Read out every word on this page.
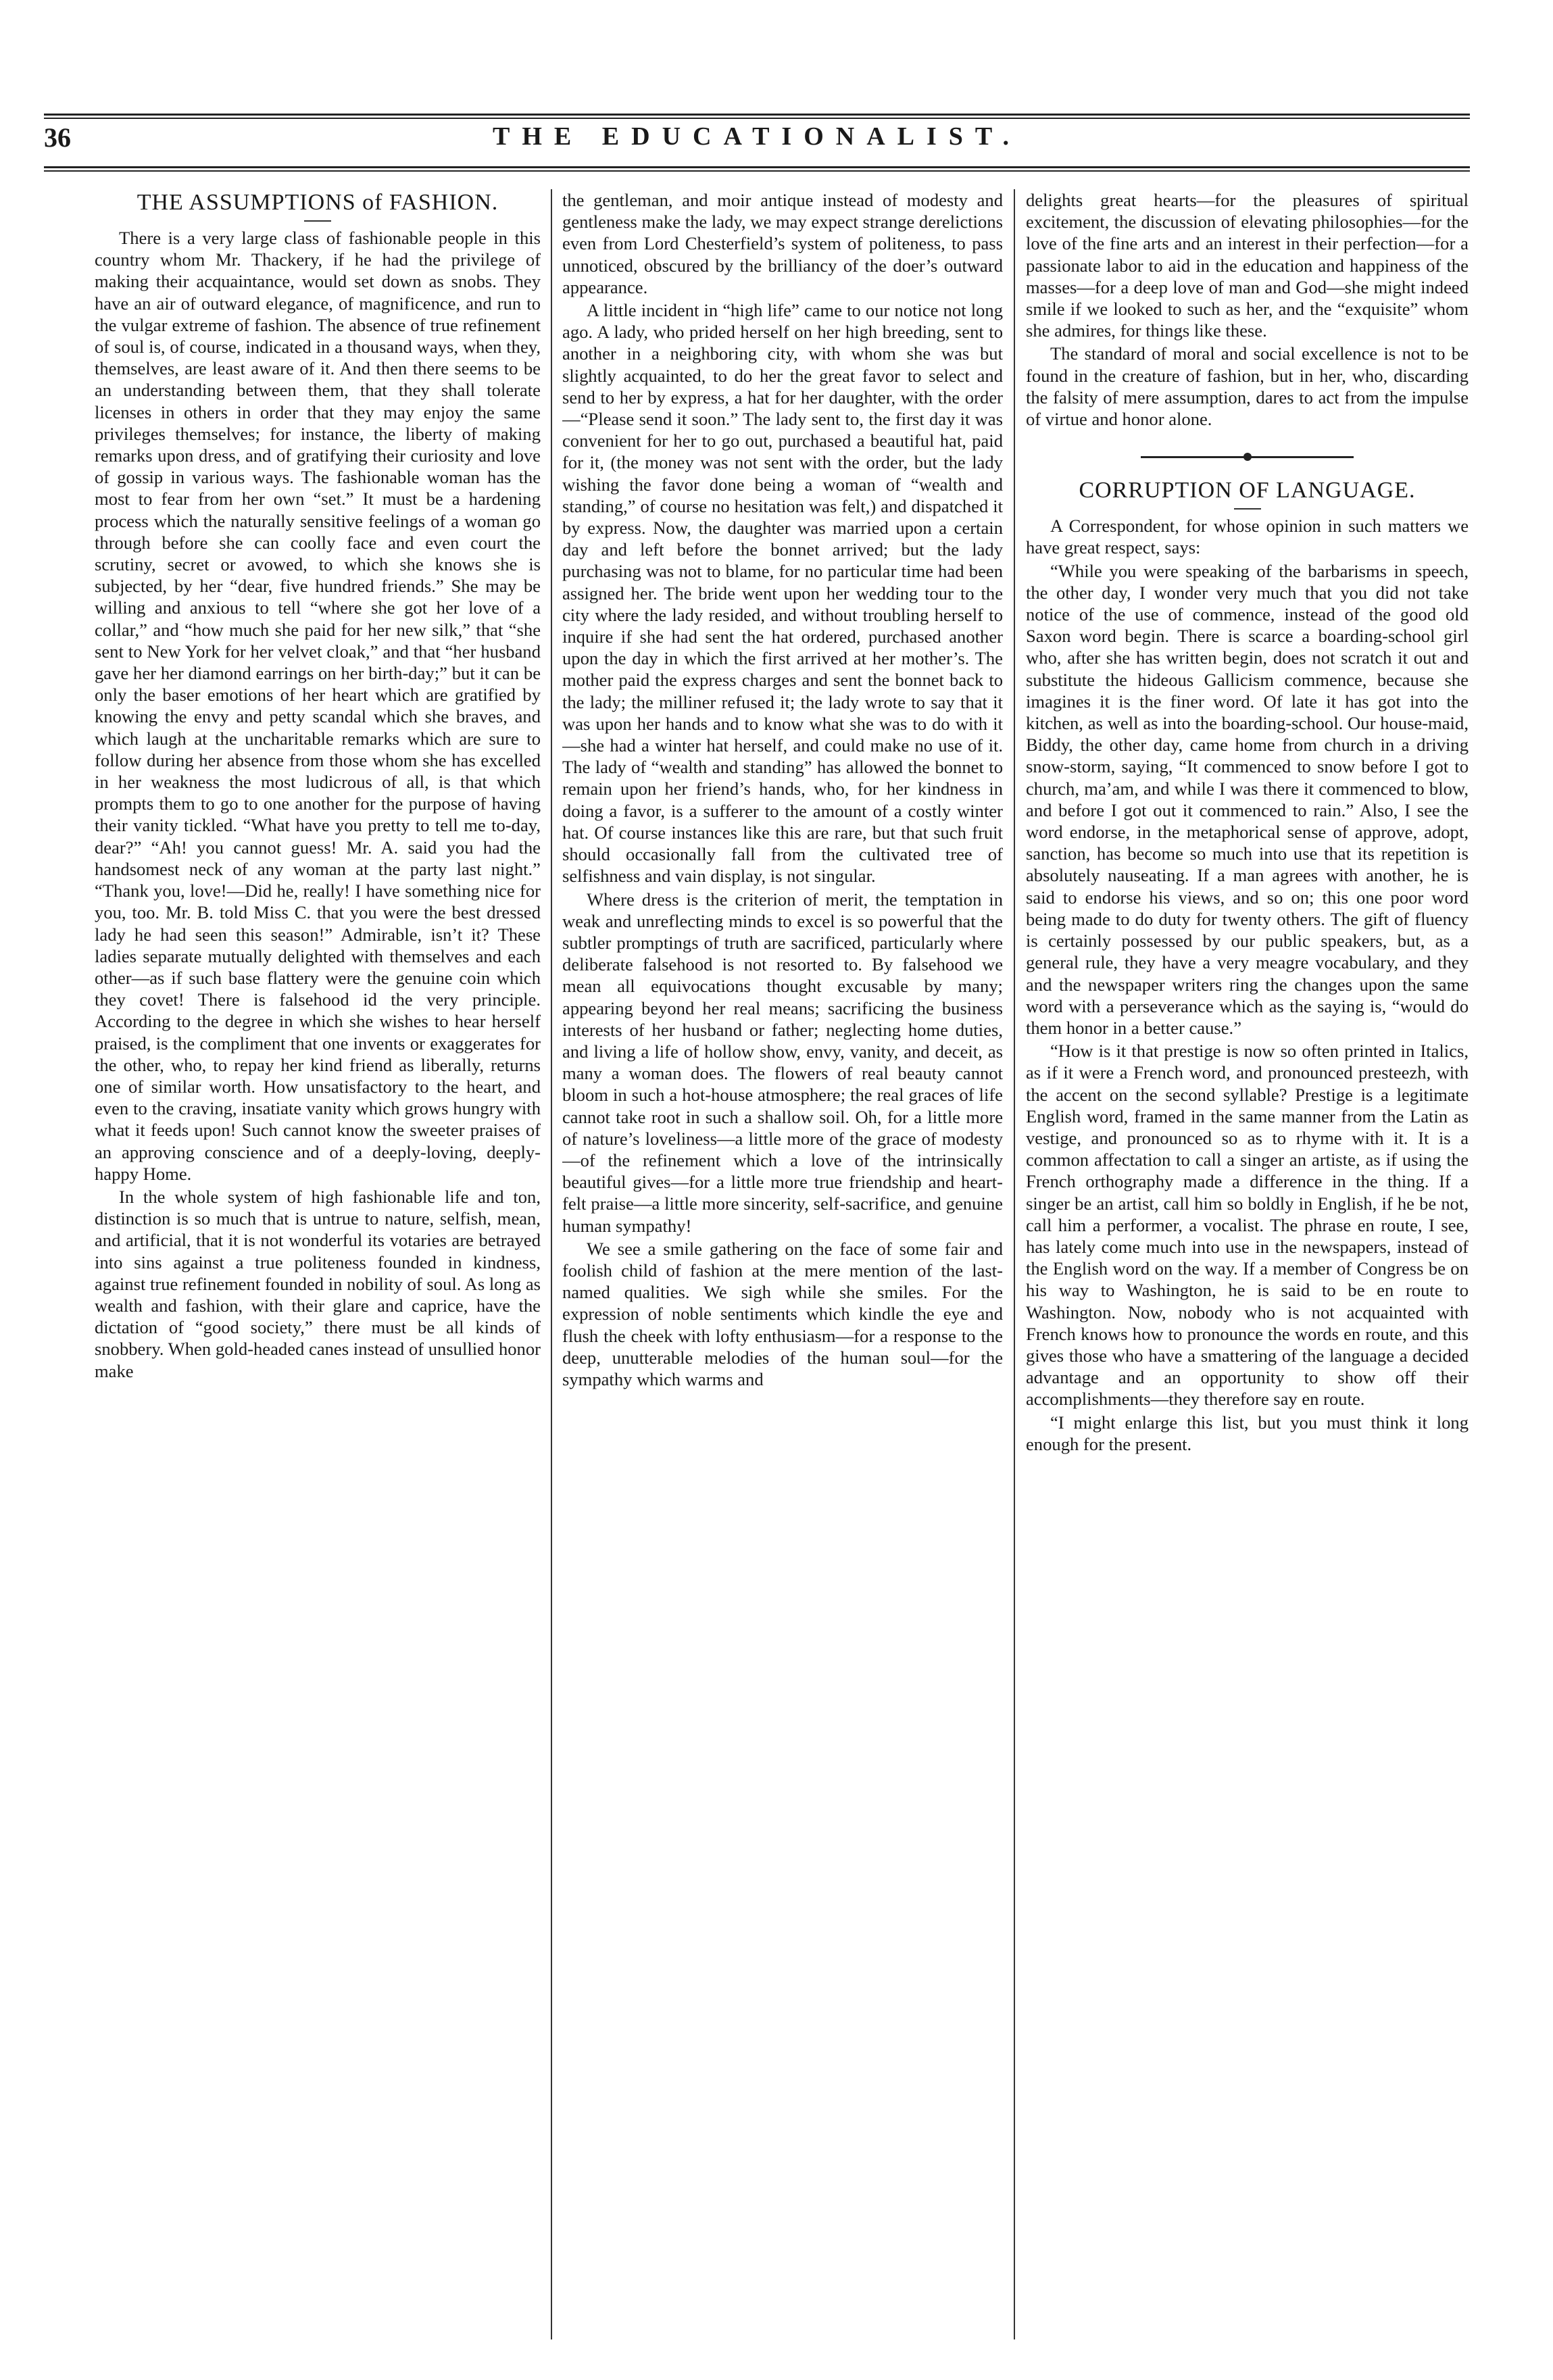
36	THE EDUCATIONALIST.
THE ASSUMPTIONS of FASHION.

There is a very large class of fashionable people in this country whom Mr. Thackery, if he had the privilege of making their acquaintance, would set down as snobs. They have an air of outward elegance, of magnificence, and run to the vulgar extreme of fashion. The absence of true refinement of soul is, of course, indicated in a thousand ways, when they, themselves, are least aware of it. And then there seems to be an understanding between them, that they shall tolerate licenses in others in order that they may enjoy the same privileges themselves; for instance, the liberty of making remarks upon dress, and of gratifying their curiosity and love of gossip in various ways. The fashionable woman has the most to fear from her own “set.” It must be a hardening process which the naturally sensitive feelings of a woman go through before she can coolly face and even court the scrutiny, secret or avowed, to which she knows she is subjected, by her “dear, five hundred friends.” She may be willing and anxious to tell “where she got her love of a collar,” and “how much she paid for her new silk,” that “she sent to New York for her velvet cloak,” and that “her husband gave her her diamond earrings on her birth-day;” but it can be only the baser emotions of her heart which are gratified by knowing the envy and petty scandal which she braves, and which laugh at the uncharitable remarks which are sure to follow during her absence from those whom she has excelled in her weakness the most ludicrous of all, is that which prompts them to go to one another for the purpose of having their vanity tickled. “What have you pretty to tell me to-day, dear?” “Ah! you cannot guess! Mr. A. said you had the handsomest neck of any woman at the party last night.” “Thank you, love!—Did he, really! I have something nice for you, too. Mr. B. told Miss C. that you were the best dressed lady he had seen this season!” Admirable, isn’t it? These ladies separate mutually delighted with themselves and each other—as if such base flattery were the genuine coin which they covet! There is falsehood id the very principle. According to the degree in which she wishes to hear herself praised, is the compliment that one invents or exaggerates for the other, who, to repay her kind friend as liberally, returns one of similar worth. How unsatisfactory to the heart, and even to the craving, insatiate vanity which grows hungry with what it feeds upon! Such cannot know the sweeter praises of an approving conscience and of a deeply-loving, deeply-happy Home.

In the whole system of high fashionable life and ton, distinction is so much that is untrue to nature, selfish, mean, and artificial, that it is not wonderful its votaries are betrayed into sins against a true politeness founded in kindness, against true refinement founded in nobility of soul. As long as wealth and fashion, with their glare and caprice, have the dictation of “good society,” there must be all kinds of snobbery. When gold-headed canes instead of unsullied honor make

the gentleman, and moir antique instead of modesty and gentleness make the lady, we may expect strange derelictions even from Lord Chesterfield’s system of politeness, to pass unnoticed, obscured by the brilliancy of the doer’s outward appearance.

A little incident in “high life” came to our notice not long ago. A lady, who prided herself on her high breeding, sent to another in a neighboring city, with whom she was but slightly acquainted, to do her the great favor to select and send to her by express, a hat for her daughter, with the order—“Please send it soon.” The lady sent to, the first day it was convenient for her to go out, purchased a beautiful hat, paid for it, (the money was not sent with the order, but the lady wishing the favor done being a woman of “wealth and standing,” of course no hesitation was felt,) and dispatched it by express. Now, the daughter was married upon a certain day and left before the bonnet arrived; but the lady purchasing was not to blame, for no particular time had been assigned her. The bride went upon her wedding tour to the city where the lady resided, and without troubling herself to inquire if she had sent the hat ordered, purchased another upon the day in which the first arrived at her mother’s. The mother paid the express charges and sent the bonnet back to the lady; the milliner refused it; the lady wrote to say that it was upon her hands and to know what she was to do with it—she had a winter hat herself, and could make no use of it. The lady of “wealth and standing” has allowed the bonnet to remain upon her friend’s hands, who, for her kindness in doing a favor, is a sufferer to the amount of a costly winter hat. Of course instances like this are rare, but that such fruit should occasionally fall from the cultivated tree of selfishness and vain display, is not singular.

Where dress is the criterion of merit, the temptation in weak and unreflecting minds to excel is so powerful that the subtler promptings of truth are sacrificed, particularly where deliberate falsehood is not resorted to. By falsehood we mean all equivocations thought excusable by many; appearing beyond her real means; sacrificing the business interests of her husband or father; neglecting home duties, and living a life of hollow show, envy, vanity, and deceit, as many a woman does. The flowers of real beauty cannot bloom in such a hot-house atmosphere; the real graces of life cannot take root in such a shallow soil. Oh, for a little more of nature’s loveliness—a little more of the grace of modesty—of the refinement which a love of the intrinsically beautiful gives—for a little more true friendship and heart-felt praise—a little more sincerity, self-sacrifice, and genuine human sympathy!

We see a smile gathering on the face of some fair and foolish child of fashion at the mere mention of the last-named qualities. We sigh while she smiles. For the expression of noble sentiments which kindle the eye and flush the cheek with lofty enthusiasm—for a response to the deep, unutterable melodies of the human soul—for the sympathy which warms and

delights great hearts—for the pleasures of spiritual excitement, the discussion of elevating philosophies—for the love of the fine arts and an interest in their perfection—for a passionate labor to aid in the education and happiness of the masses—for a deep love of man and God—she might indeed smile if we looked to such as her, and the “exquisite” whom she admires, for things like these.

The standard of moral and social excellence is not to be found in the creature of fashion, but in her, who, discarding the falsity of mere assumption, dares to act from the impulse of virtue and honor alone.

CORRUPTION OF LANGUAGE.

A Correspondent, for whose opinion in such matters we have great respect, says:

“While you were speaking of the barbarisms in speech, the other day, I wonder very much that you did not take notice of the use of commence, instead of the good old Saxon word begin. There is scarce a boarding-school girl who, after she has written begin, does not scratch it out and substitute the hideous Gallicism commence, because she imagines it is the finer word. Of late it has got into the kitchen, as well as into the boarding-school. Our house-maid, Biddy, the other day, came home from church in a driving snow-storm, saying, “It commenced to snow before I got to church, ma’am, and while I was there it commenced to blow, and before I got out it commenced to rain.” Also, I see the word endorse, in the metaphorical sense of approve, adopt, sanction, has become so much into use that its repetition is absolutely nauseating. If a man agrees with another, he is said to endorse his views, and so on; this one poor word being made to do duty for twenty others. The gift of fluency is certainly possessed by our public speakers, but, as a general rule, they have a very meagre vocabulary, and they and the newspaper writers ring the changes upon the same word with a perseverance which as the saying is, “would do them honor in a better cause.”

“How is it that prestige is now so often printed in Italics, as if it were a French word, and pronounced presteezh, with the accent on the second syllable? Prestige is a legitimate English word, framed in the same manner from the Latin as vestige, and pronounced so as to rhyme with it. It is a common affectation to call a singer an artiste, as if using the French orthography made a difference in the thing. If a singer be an artist, call him so boldly in English, if he be not, call him a performer, a vocalist. The phrase en route, I see, has lately come much into use in the newspapers, instead of the English word on the way. If a member of Congress be on his way to Washington, he is said to be en route to Washington. Now, nobody who is not acquainted with French knows how to pronounce the words en route, and this gives those who have a smattering of the language a decided advantage and an opportunity to show off their accomplishments—they therefore say en route.

“I might enlarge this list, but you must think it long enough for the present.
